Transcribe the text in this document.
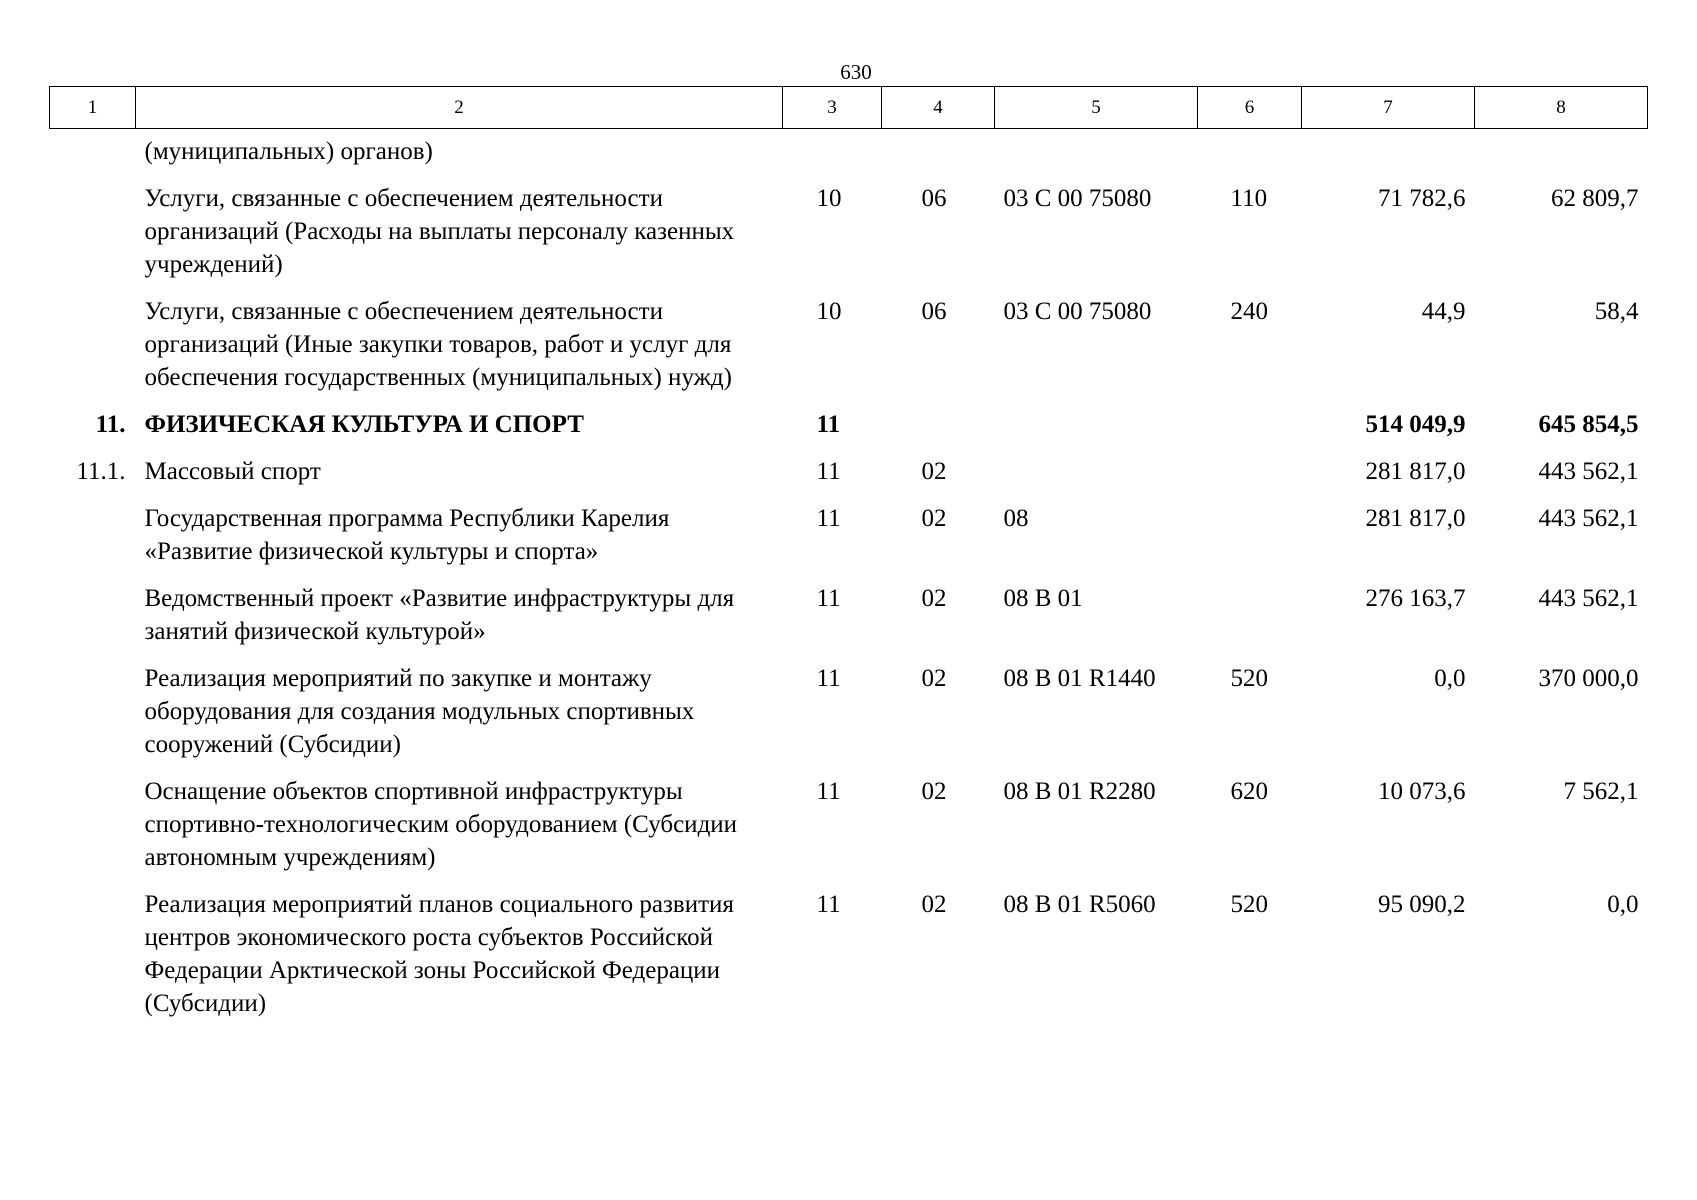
630
1	2	3	4	5	6	7	8
	(муниципальных) органов)						
	Услуги, связанные с обеспечением деятельности организаций (Расходы на выплаты персоналу казенных учреждений)	10	06	03 С 00 75080	110	71 782,6	62 809,7
	Услуги, связанные с обеспечением деятельности организаций (Иные закупки товаров, работ и услуг для обеспечения государственных (муниципальных) нужд)	10	06	03 С 00 75080	240	44,9	58,4
11.	ФИЗИЧЕСКАЯ КУЛЬТУРА И СПОРТ	11				514 049,9	645 854,5
11.1.	Массовый спорт	11	02			281 817,0	443 562,1
	Государственная программа Республики Карелия «Развитие физической культуры и спорта»	11	02	08		281 817,0	443 562,1
	Ведомственный проект «Развитие инфраструктуры для занятий физической культурой»	11	02	08 В 01		276 163,7	443 562,1
	Реализация мероприятий по закупке и монтажу оборудования для создания модульных спортивных сооружений (Субсидии)	11	02	08 В 01 R1440	520	0,0	370 000,0
	Оснащение объектов спортивной инфраструктуры спортивно-технологическим оборудованием (Субсидии автономным учреждениям)	11	02	08 В 01 R2280	620	10 073,6	7 562,1
	Реализация мероприятий планов социального развития центров экономического роста субъектов Российской Федерации Арктической зоны Российской Федерации (Субсидии)	11	02	08 В 01 R5060	520	95 090,2	0,0
